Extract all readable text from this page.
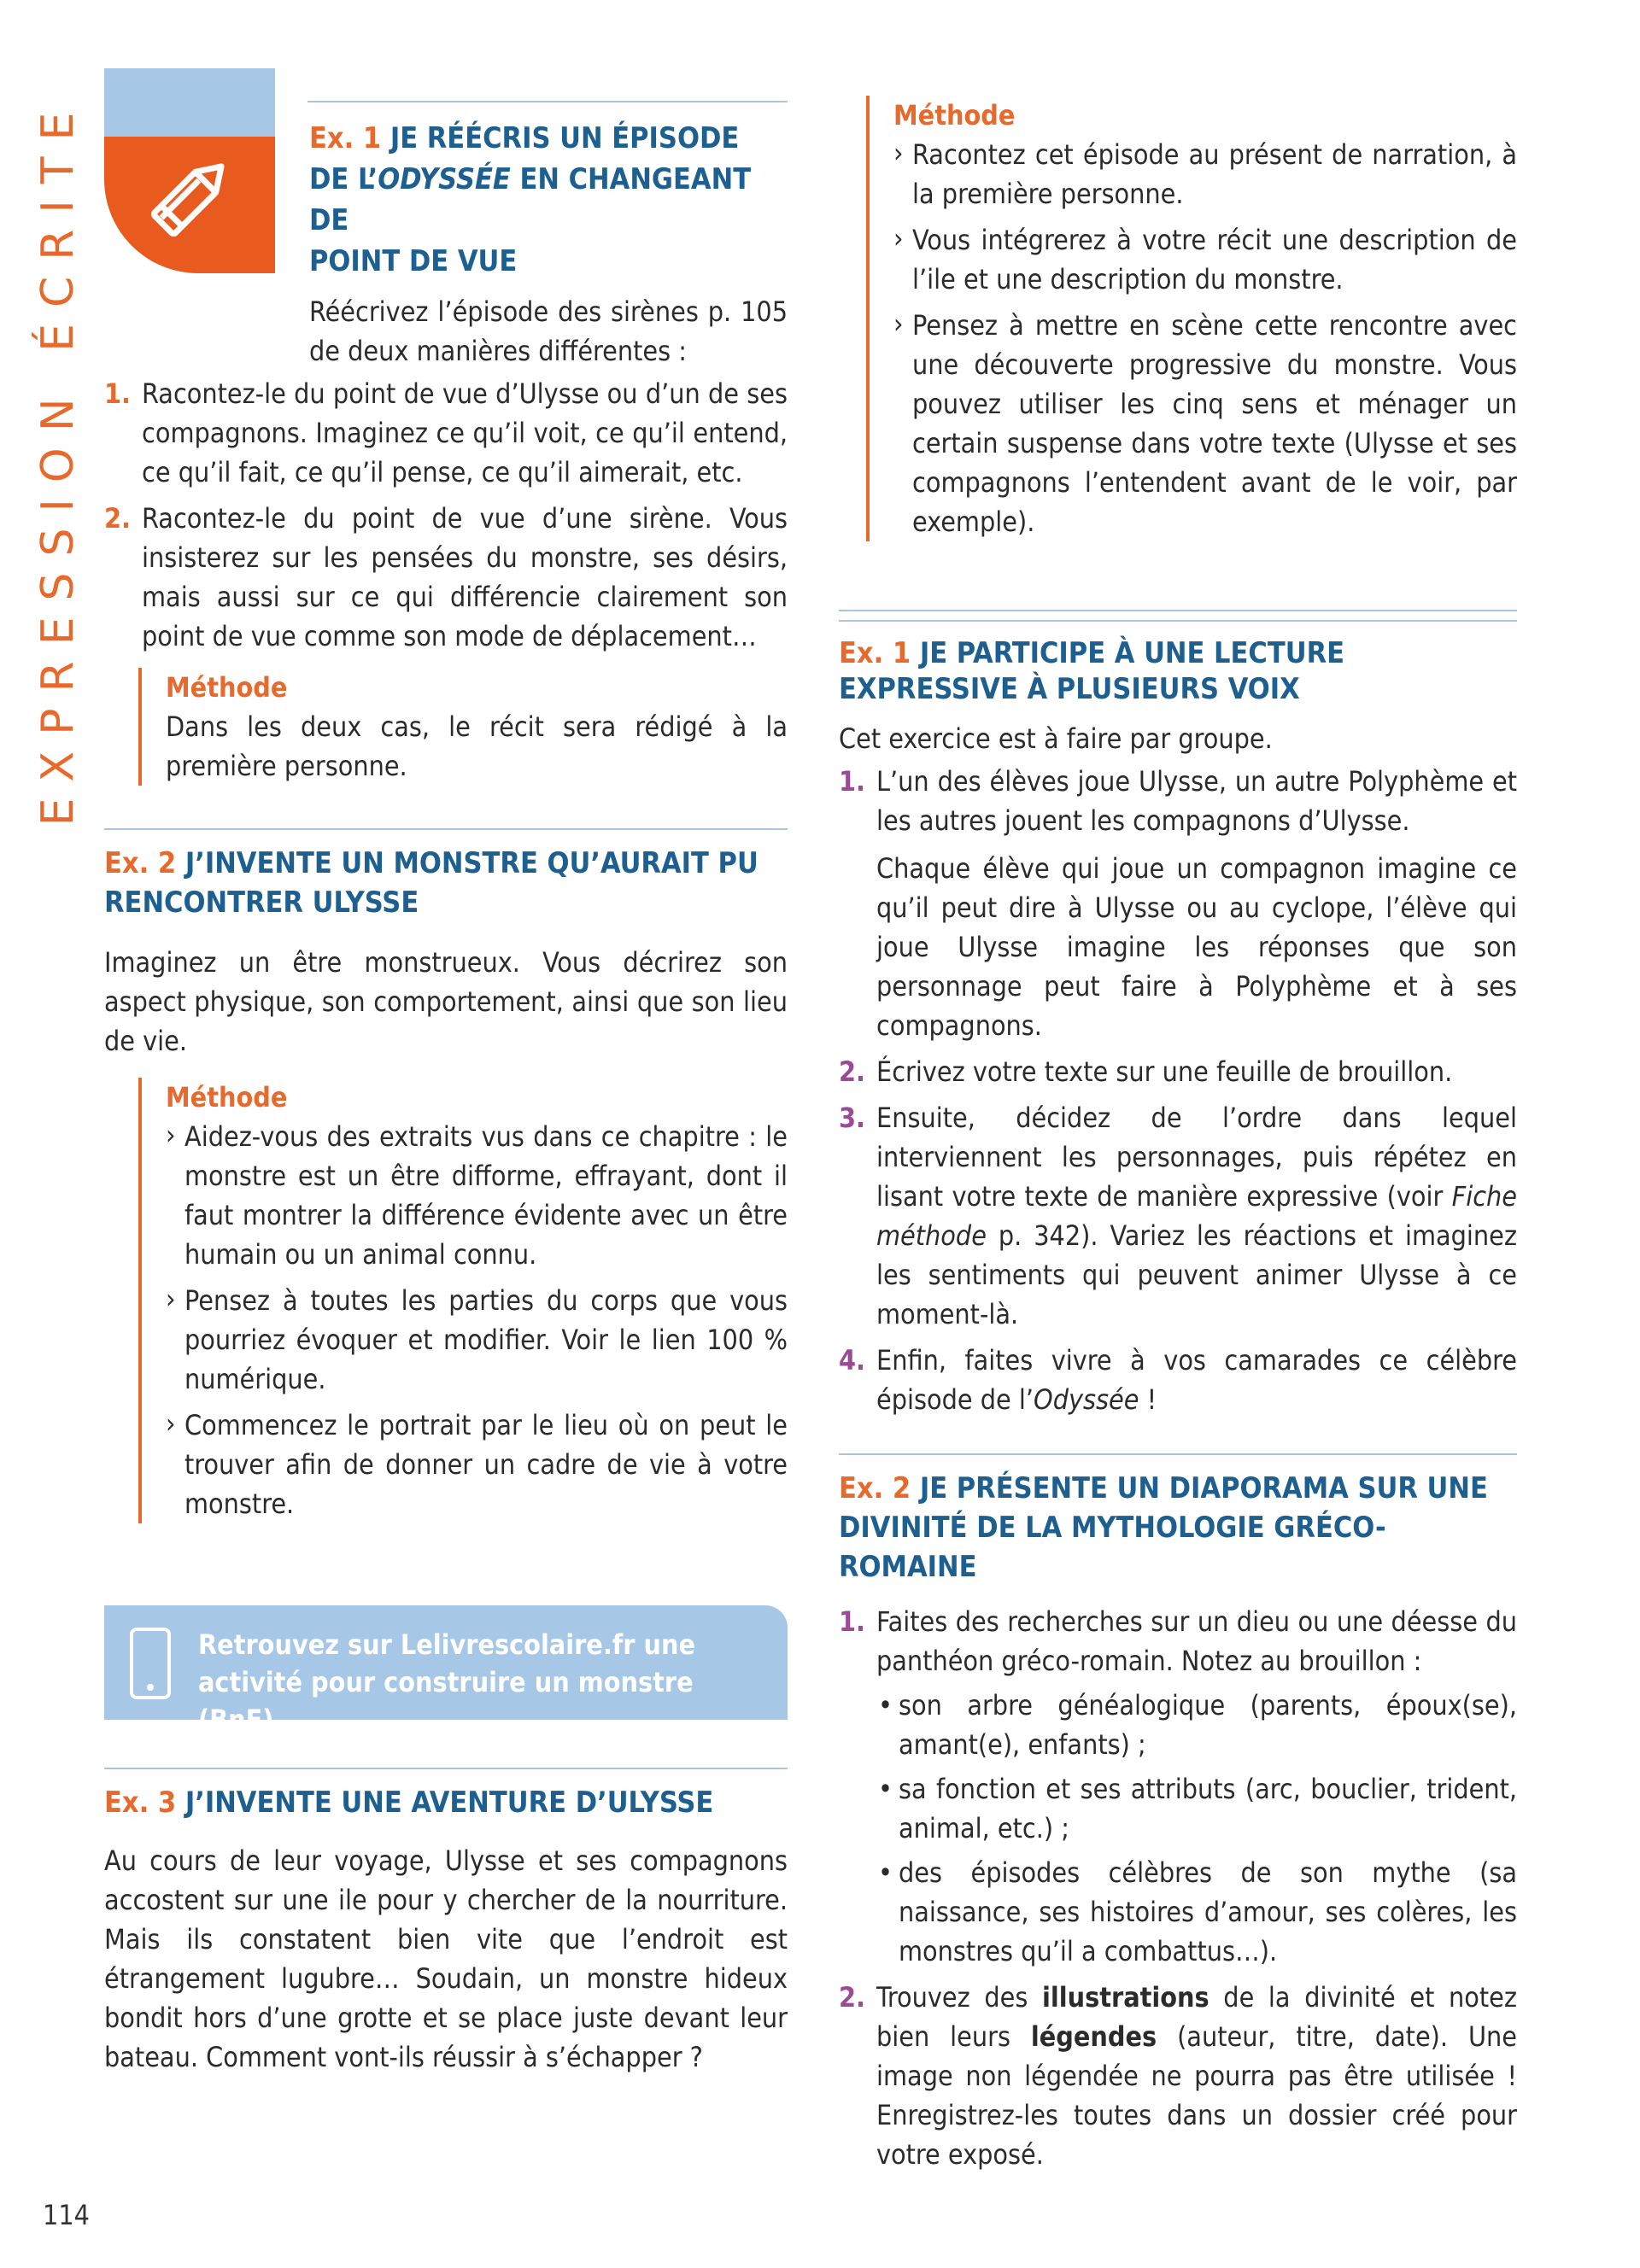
EXPRESSION ÉCRITE	Ex. 1 JE RÉÉCRIS UN ÉPISODE
DE L’ODYSSÉE EN CHANGEANT DE
POINT DE VUE
Réécrivez l’épisode des sirènes p. 105 de deux manières différentes :
1. Racontez-le du point de vue d’Ulysse ou d’un de ses compagnons. Imaginez ce qu’il voit, ce qu’il entend, ce qu’il fait, ce qu’il pense, ce qu’il aimerait, etc.
2. Racontez-le du point de vue d’une sirène. Vous insisterez sur les pensées du monstre, ses désirs, mais aussi sur ce qui différencie clairement son point de vue comme son mode de déplacement…
Méthode
Dans les deux cas, le récit sera rédigé à la première personne.
Ex. 2 J’INVENTE UN MONSTRE QU’AURAIT PU RENCONTRER ULYSSE
Imaginez un être monstrueux. Vous décrirez son aspect physique, son comportement, ainsi que son lieu de vie.
Méthode
› Aidez-vous des extraits vus dans ce chapitre : le monstre est un être difforme, effrayant, dont il faut montrer la différence évidente avec un être humain ou un animal connu.
› Pensez à toutes les parties du corps que vous pourriez évoquer et modifier. Voir le lien 100 % numérique.
› Commencez le portrait par le lieu où on peut le trouver afin de donner un cadre de vie à votre monstre.
Retrouvez sur Lelivrescolaire.fr une activité pour construire un monstre (BnF).
Ex. 3 J’INVENTE UNE AVENTURE D’ULYSSE
Au cours de leur voyage, Ulysse et ses compagnons accostent sur une ile pour y chercher de la nourriture. Mais ils constatent bien vite que l’endroit est étrangement lugubre… Soudain, un monstre hideux bondit hors d’une grotte et se place juste devant leur bateau. Comment vont-ils réussir à s’échapper ?
Méthode
› Racontez cet épisode au présent de narration, à la première personne.
› Vous intégrerez à votre récit une description de l’ile et une description du monstre.
› Pensez à mettre en scène cette rencontre avec une découverte progressive du monstre. Vous pouvez utiliser les cinq sens et ménager un certain suspense dans votre texte (Ulysse et ses compagnons l’entendent avant de le voir, par exemple).
Ex. 1 JE PARTICIPE À UNE LECTURE EXPRESSIVE À PLUSIEURS VOIX
Cet exercice est à faire par groupe.
1. L’un des élèves joue Ulysse, un autre Polyphème et les autres jouent les compagnons d’Ulysse.
Chaque élève qui joue un compagnon imagine ce qu’il peut dire à Ulysse ou au cyclope, l’élève qui joue Ulysse imagine les réponses que son personnage peut faire à Polyphème et à ses compagnons.
2. Écrivez votre texte sur une feuille de brouillon.
3. Ensuite, décidez de l’ordre dans lequel interviennent les personnages, puis répétez en lisant votre texte de manière expressive (voir Fiche méthode p. 342). Variez les réactions et imaginez les sentiments qui peuvent animer Ulysse à ce moment-là.
4. Enfin, faites vivre à vos camarades ce célèbre épisode de l’Odyssée !
Ex. 2 JE PRÉSENTE UN DIAPORAMA SUR UNE DIVINITÉ DE LA MYTHOLOGIE GRÉCO-ROMAINE
1. Faites des recherches sur un dieu ou une déesse du panthéon gréco-romain. Notez au brouillon :
• son arbre généalogique (parents, époux(se), amant(e), enfants) ;
• sa fonction et ses attributs (arc, bouclier, trident, animal, etc.) ;
• des épisodes célèbres de son mythe (sa naissance, ses histoires d’amour, ses colères, les monstres qu’il a combattus…).
2. Trouvez des illustrations de la divinité et notez bien leurs légendes (auteur, titre, date). Une image non légendée ne pourra pas être utilisée ! Enregistrez-les toutes dans un dossier créé pour votre exposé.
114
